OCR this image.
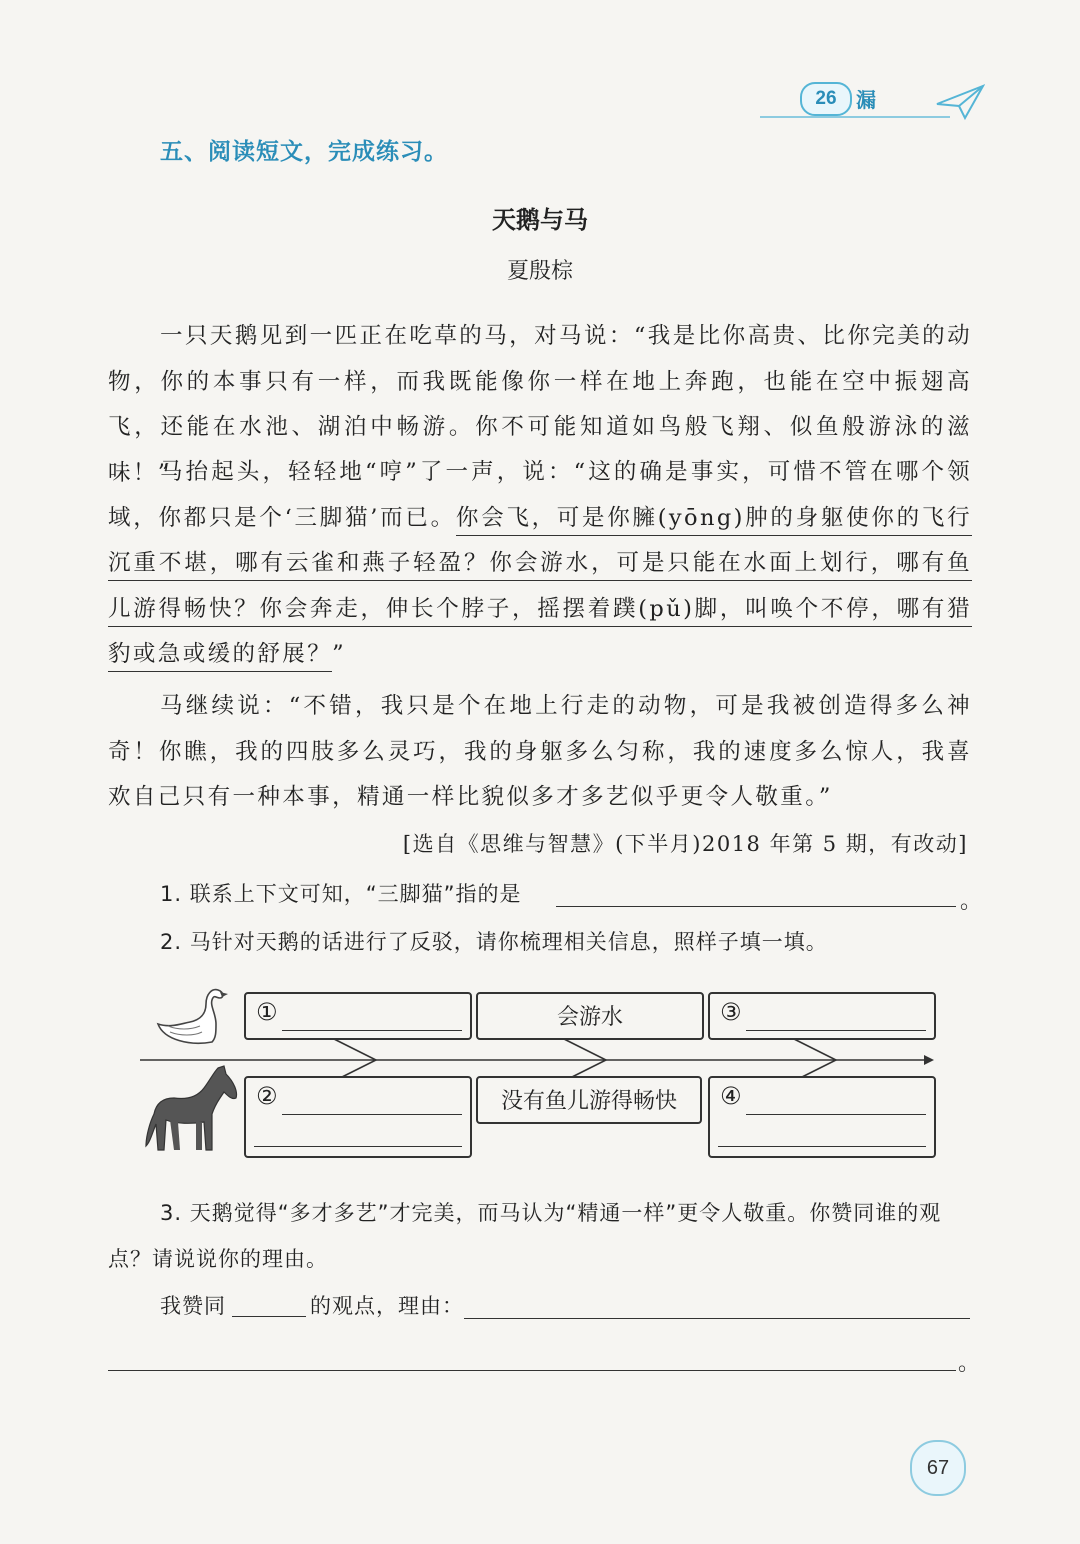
26 漏
五、阅读短文，完成练习。
天鹅与马
夏殷棕

一只天鹅见到一匹正在吃草的马，对马说：“我是比你高贵、比你完美的动物，你的本事只有一样，而我既能像你一样在地上奔跑，也能在空中振翅高飞，还能在水池、湖泊中畅游。你不可能知道如鸟般飞翔、似鱼般游泳的滋味！”

马抬起头，轻轻地“哼”了一声，说：“这的确是事实，可惜不管在哪个领域，你都只是个‘三脚猫’而已。你会飞，可是你臃(yōng)肿的身躯使你的飞行沉重不堪，哪有云雀和燕子轻盈？你会游水，可是只能在水面上划行，哪有鱼儿游得畅快？你会奔走，伸长个脖子，摇摆着蹼(pǔ)脚，叫唤个不停，哪有猎豹或急或缓的舒展？”

马继续说：“不错，我只是个在地上行走的动物，可是我被创造得多么神奇！你瞧，我的四肢多么灵巧，我的身躯多么匀称，我的速度多么惊人，我喜欢自己只有一种本事，精通一样比貌似多才多艺似乎更令人敬重。”

[选自《思维与智慧》(下半月)2018 年第 5 期，有改动]
1. 联系上下文可知，“三脚猫”指的是	。
2. 马针对天鹅的话进行了反驳，请你梳理相关信息，照样子填一填。
①	会游水	③
②	没有鱼儿游得畅快	④

3. 天鹅觉得“多才多艺”才完美，而马认为“精通一样”更令人敬重。你赞同谁的观点？请说说你的理由。

我赞同	的观点，理由：
。
67
